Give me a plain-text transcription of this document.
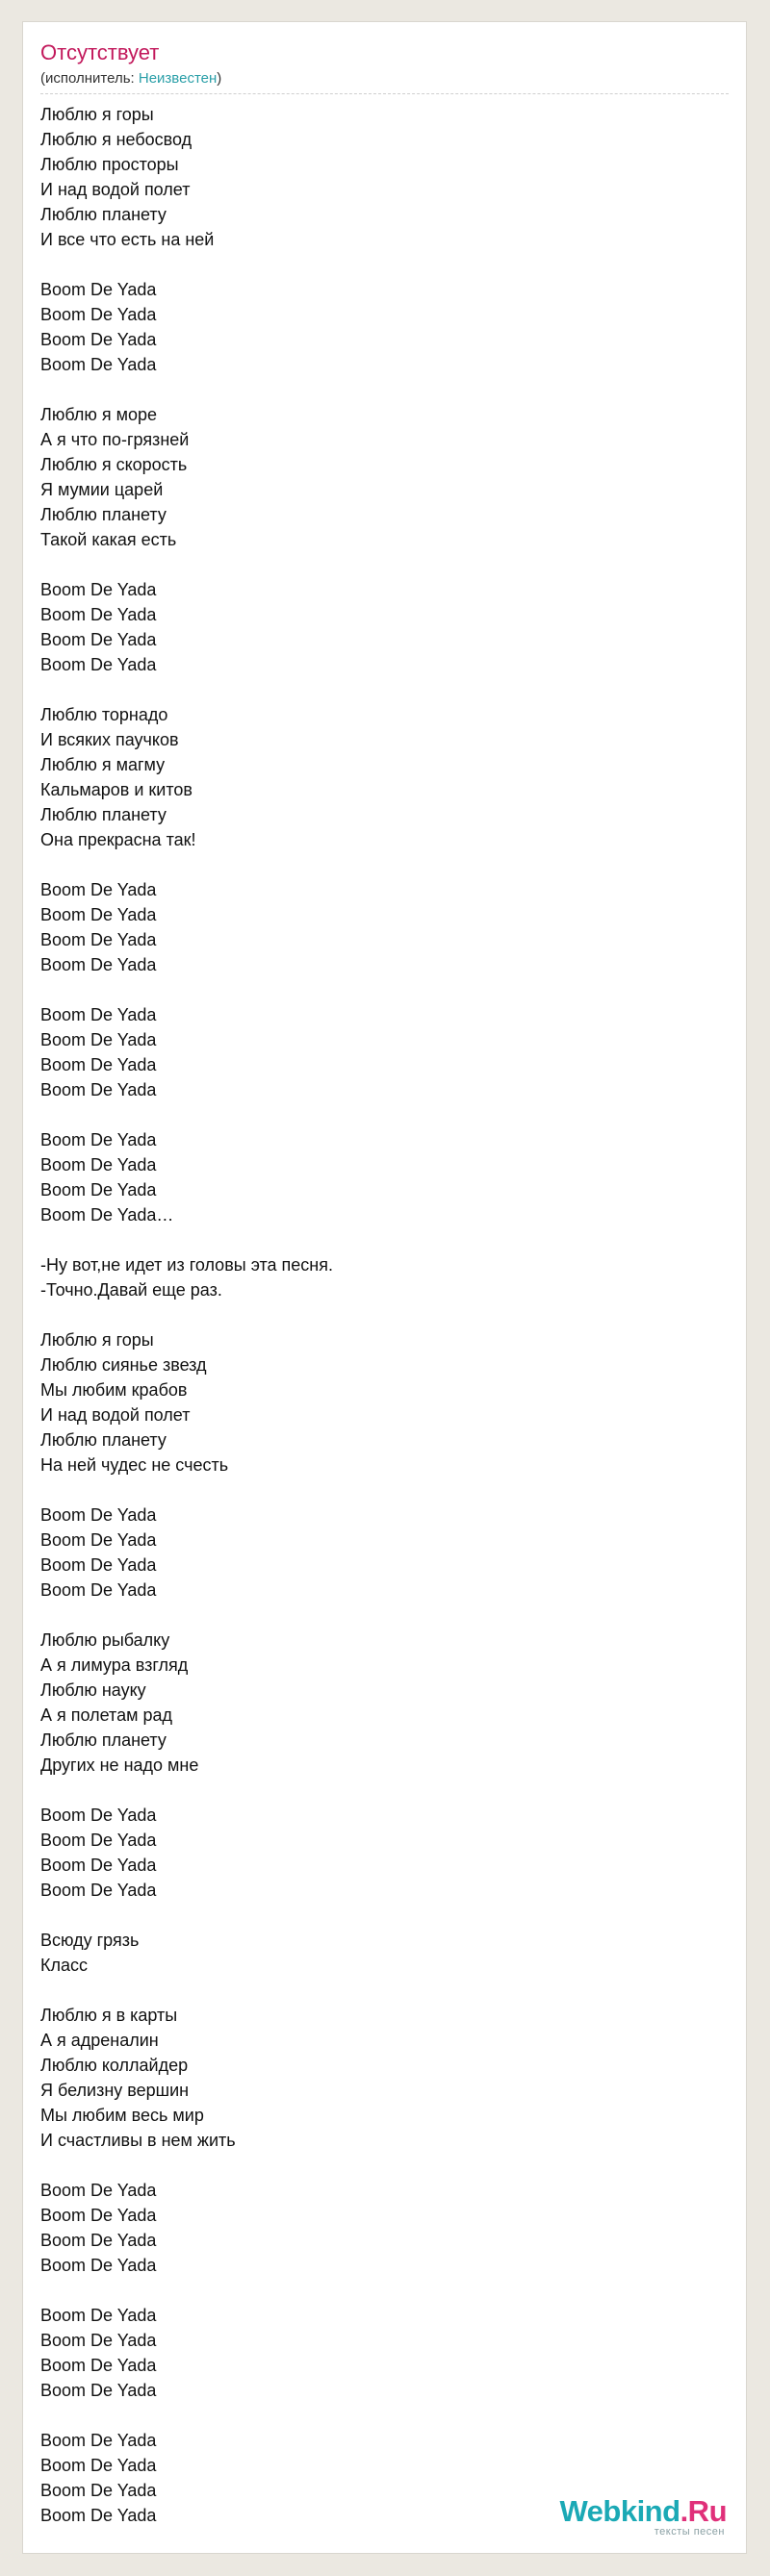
Отсутствует
(исполнитель: Неизвестен)
Люблю я горы
Люблю я небосвод
Люблю просторы
И над водой полет
Люблю планету
И все что есть на ней
Boom De Yada
Boom De Yada
Boom De Yada
Boom De Yada
Люблю я море
А я что по-грязней
Люблю я скорость
Я мумии царей
Люблю планету
Такой какая есть
Boom De Yada
Boom De Yada
Boom De Yada
Boom De Yada
Люблю торнадо
И всяких паучков
Люблю я магму
Кальмаров и китов
Люблю планету
Она прекрасна так!
Boom De Yada
Boom De Yada
Boom De Yada
Boom De Yada
Boom De Yada
Boom De Yada
Boom De Yada
Boom De Yada
Boom De Yada
Boom De Yada
Boom De Yada
Boom De Yada…
-Ну вот,не идет из головы эта песня.
-Точно.Давай еще раз.
Люблю я горы
Люблю сиянье звезд
Мы любим крабов
И над водой полет
Люблю планету
На ней чудес не счесть
Boom De Yada
Boom De Yada
Boom De Yada
Boom De Yada
Люблю рыбалку
А я лимура взгляд
Люблю науку
А я полетам рад
Люблю планету
Других не надо мне
Boom De Yada
Boom De Yada
Boom De Yada
Boom De Yada
Всюду грязь
Класс
Люблю я в карты
А я адреналин
Люблю коллайдер
Я белизну вершин
Мы любим весь мир
И счастливы в нем жить
Boom De Yada
Boom De Yada
Boom De Yada
Boom De Yada
Boom De Yada
Boom De Yada
Boom De Yada
Boom De Yada
Boom De Yada
Boom De Yada
Boom De Yada
Boom De Yada	Webkind.Ru
тексты песен
